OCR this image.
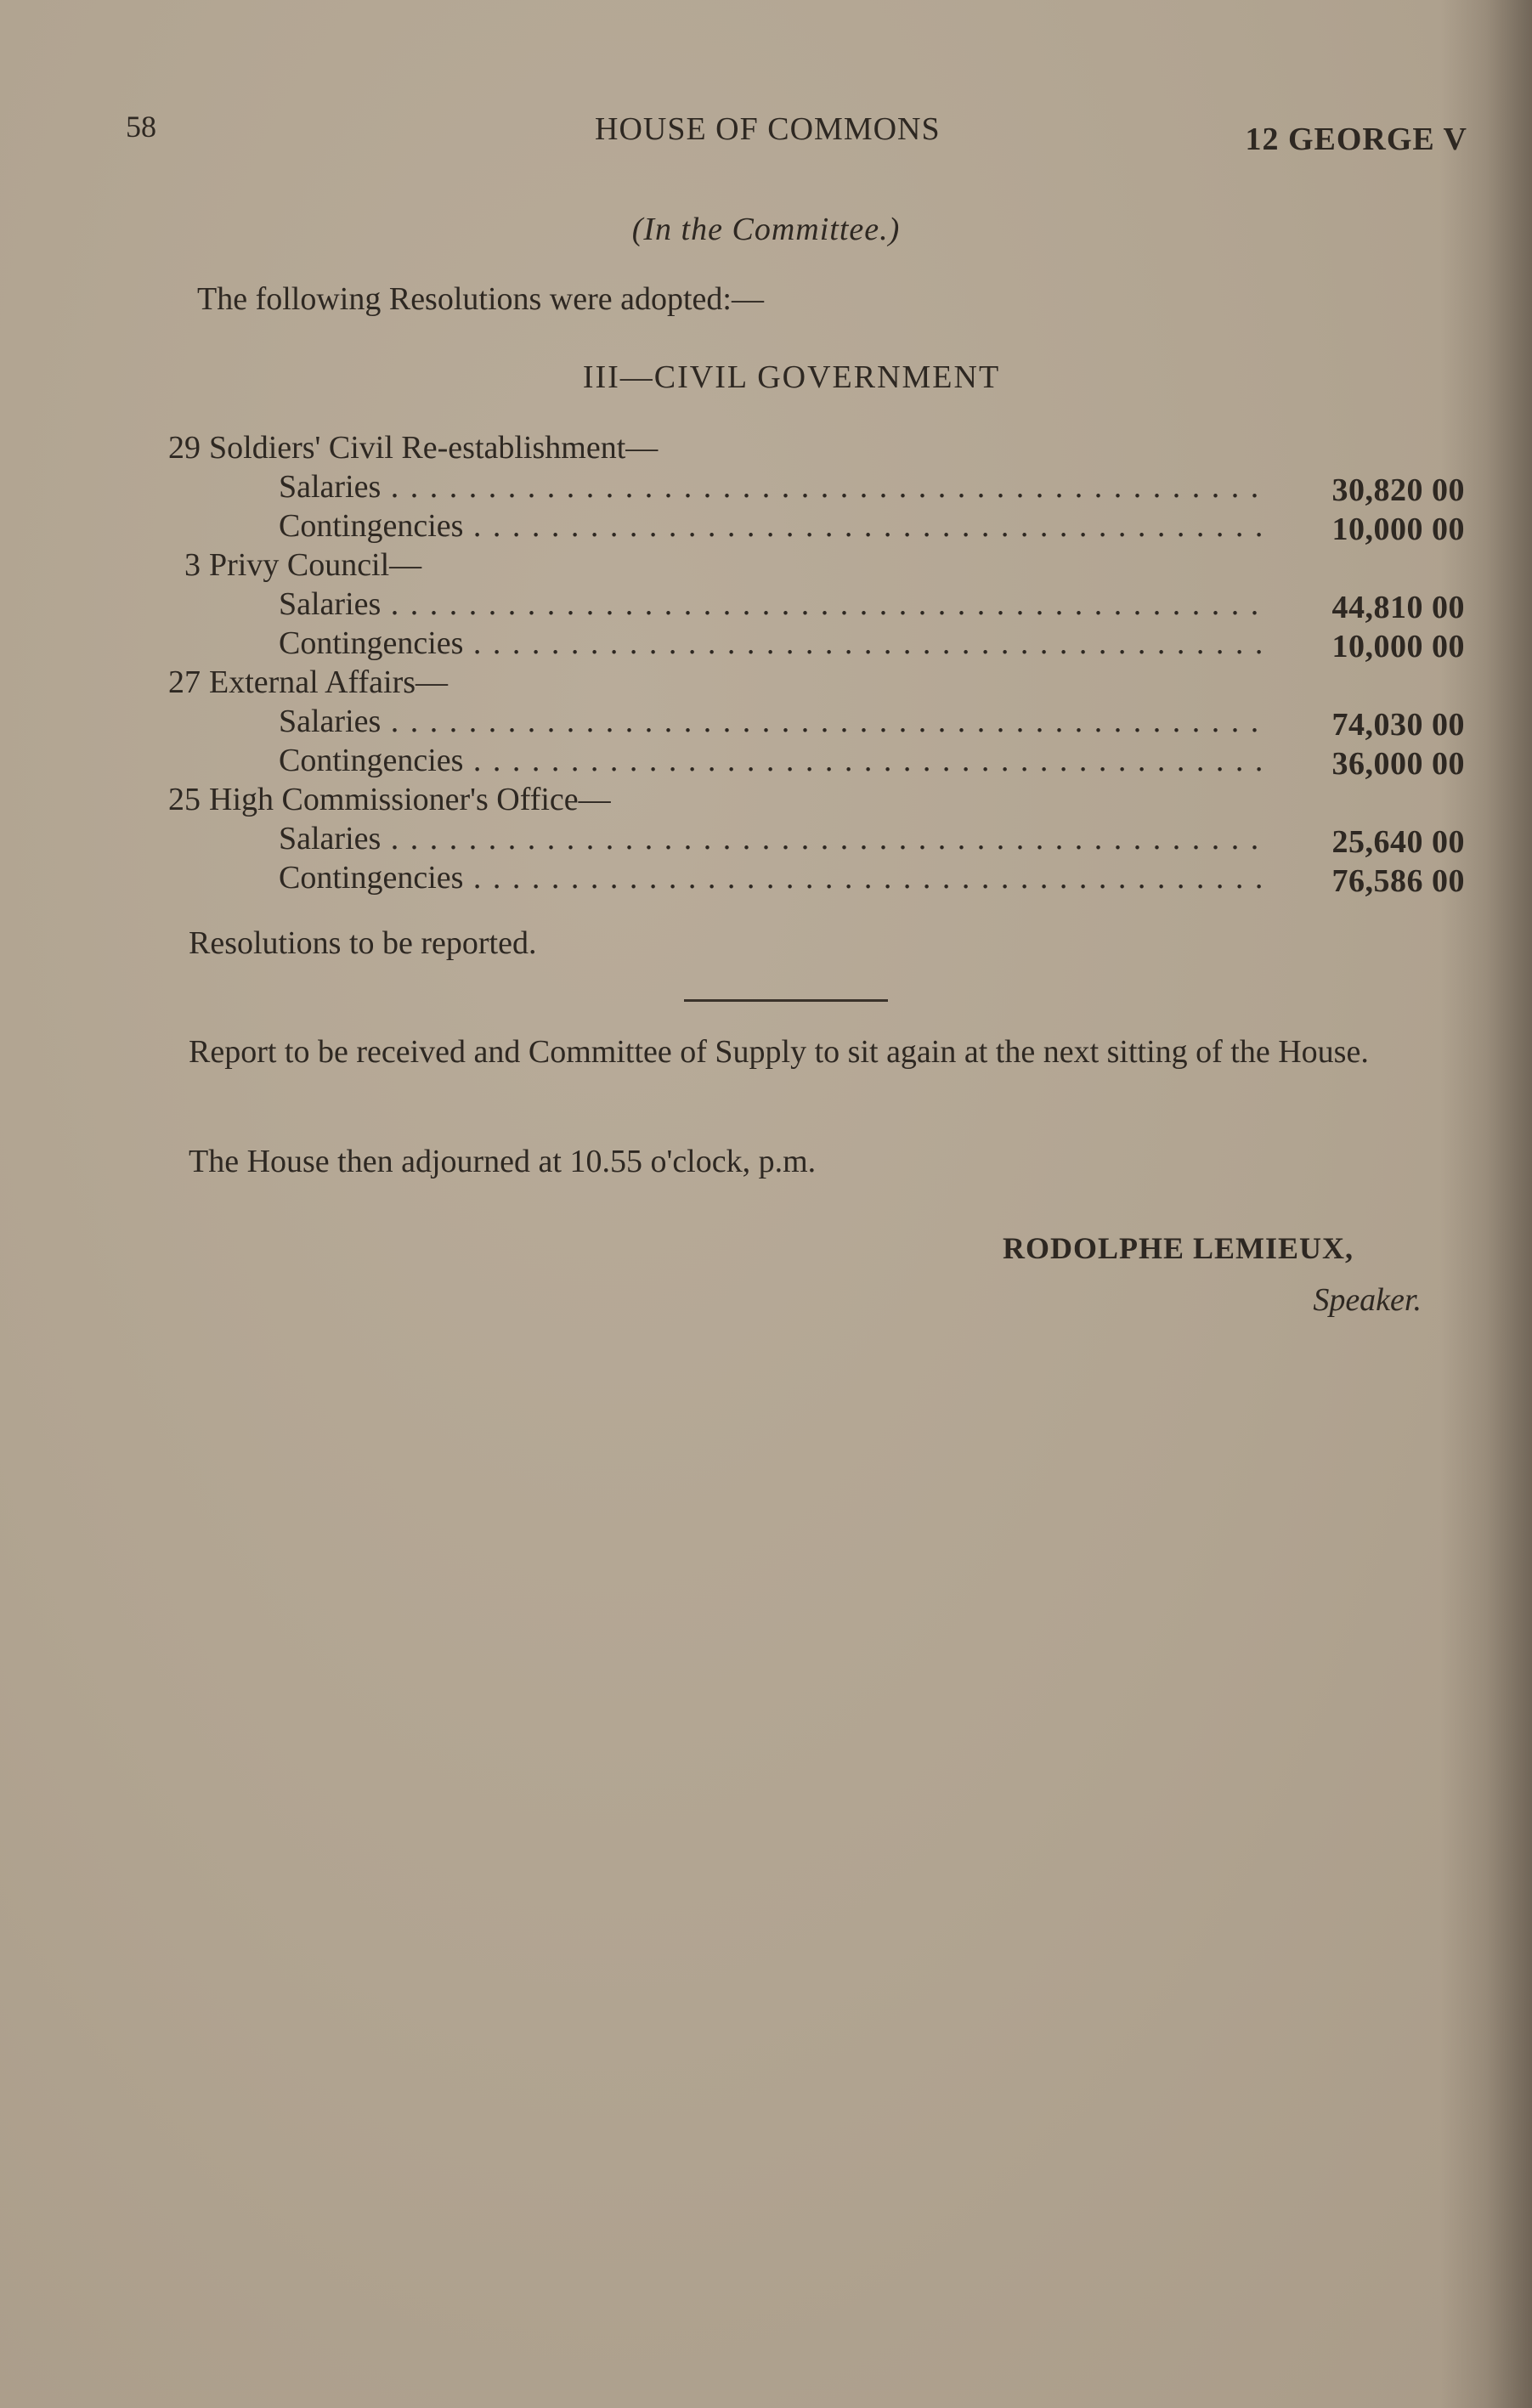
58	HOUSE OF COMMONS	12 GEORGE V
(In the Committee.)
The following Resolutions were adopted:—
III—CIVIL GOVERNMENT
29 Soldiers' Civil Re-establishment—
Salaries . . .	30,820 00
Contingencies . . .	10,000 00
3 Privy Council—
Salaries . . .	44,810 00
Contingencies . . .	10,000 00
27 External Affairs—
Salaries . . .	74,030 00
Contingencies . . .	36,000 00
25 High Commissioner's Office—
Salaries . . .	25,640 00
Contingencies . . .	76,586 00
Resolutions to be reported.
Report to be received and Committee of Supply to sit again at the next sitting of the House.
The House then adjourned at 10.55 o'clock, p.m.
RODOLPHE LEMIEUX,
Speaker.
